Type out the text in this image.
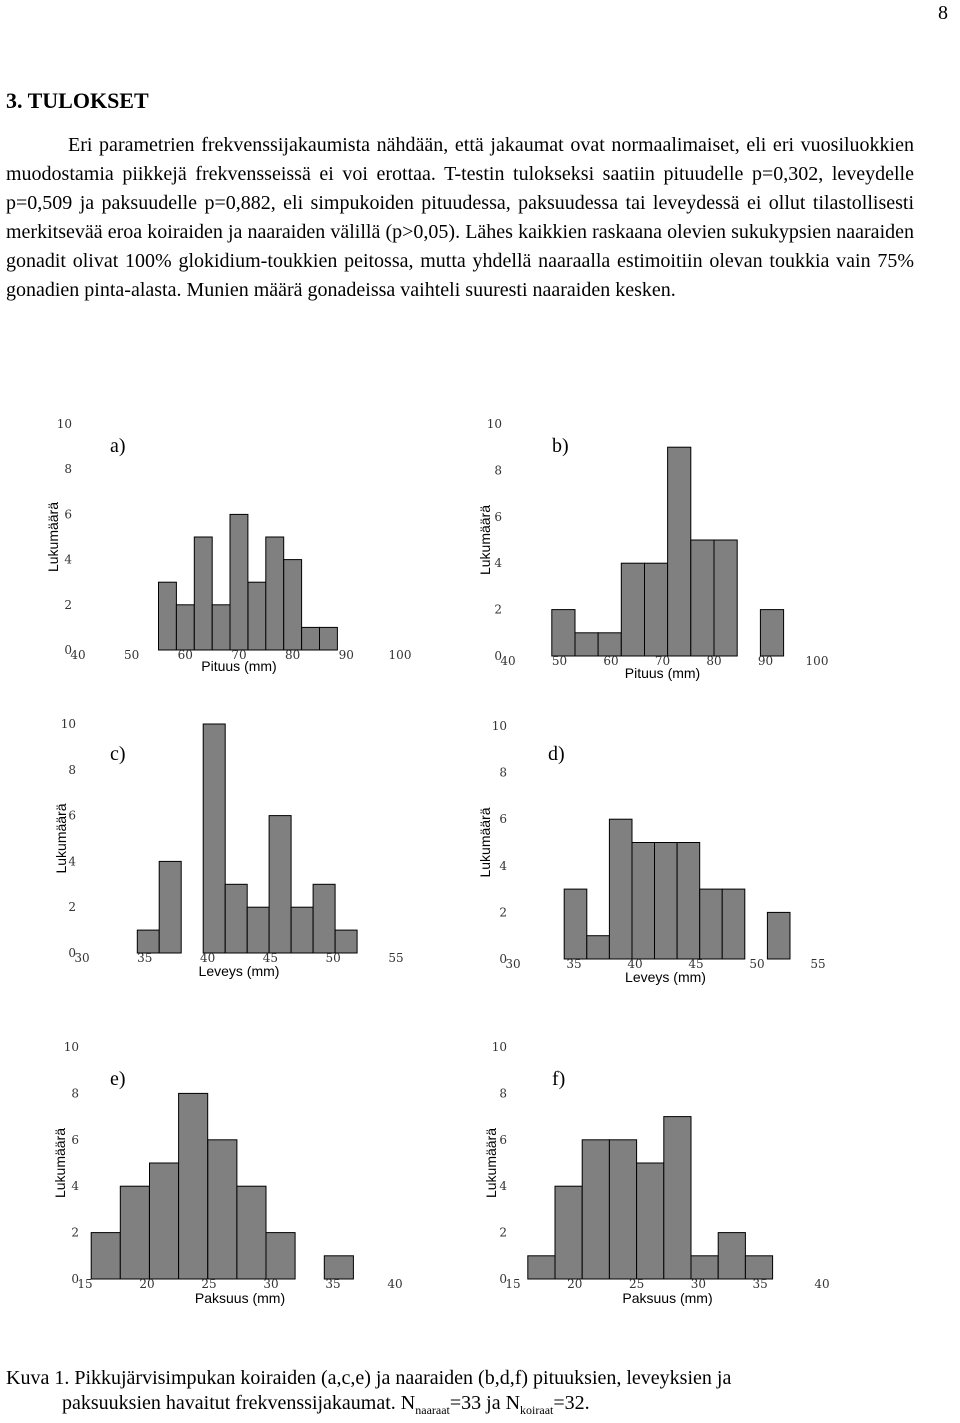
8
3. TULOKSET

Eri parametrien frekvenssijakaumista nähdään, että jakaumat ovat normaalimaiset, eli eri vuosiluokkien muodostamia piikkejä frekvensseissä ei voi erottaa. T-testin tulokseksi saatiin pituudelle p=0,302, leveydelle p=0,509 ja paksuudelle p=0,882, eli simpukoiden pituudessa, paksuudessa tai leveydessä ei ollut tilastollisesti merkitsevää eroa koiraiden ja naaraiden välillä (p>0,05). Lähes kaikkien raskaana olevien sukukypsien naaraiden gonadit olivat 100% glokidium-toukkien peitossa, mutta yhdellä naaraalla estimoitiin olevan toukkia vain 75% gonadien pinta-alasta. Munien määrä gonadeissa vaihteli suuresti naaraiden kesken.

0
2
4
6
8
10
40	50	60	70	80	90	100
Pituus (mm)
Lukumäärä
a)
0
2
4
6
8
10
40	50	60	70	80	90	100
Pituus (mm)
Lukumäärä
b)
0
2
4
6
8
10
30	35	40	45	50	55
Leveys (mm)
Lukumäärä
c)
0
2
4
6
8
10
30	35	40	45	50	55
Leveys (mm)
Lukumäärä
d)
0
2
4
6
8
10
15	20	25	30	35	40
Paksuus (mm)
Lukumäärä
e)
0
2
4
6
8
10
15	20	25	30	35	40
Paksuus (mm)
Lukumäärä
f)

Kuva 1. Pikkujärvisimpukan koiraiden (a,c,e) ja naaraiden (b,d,f) pituuksien, leveyksien ja
paksuuksien havaitut frekvenssijakaumat. $N_{naaraat}=33$ ja $N_{koiraat}=32$.
